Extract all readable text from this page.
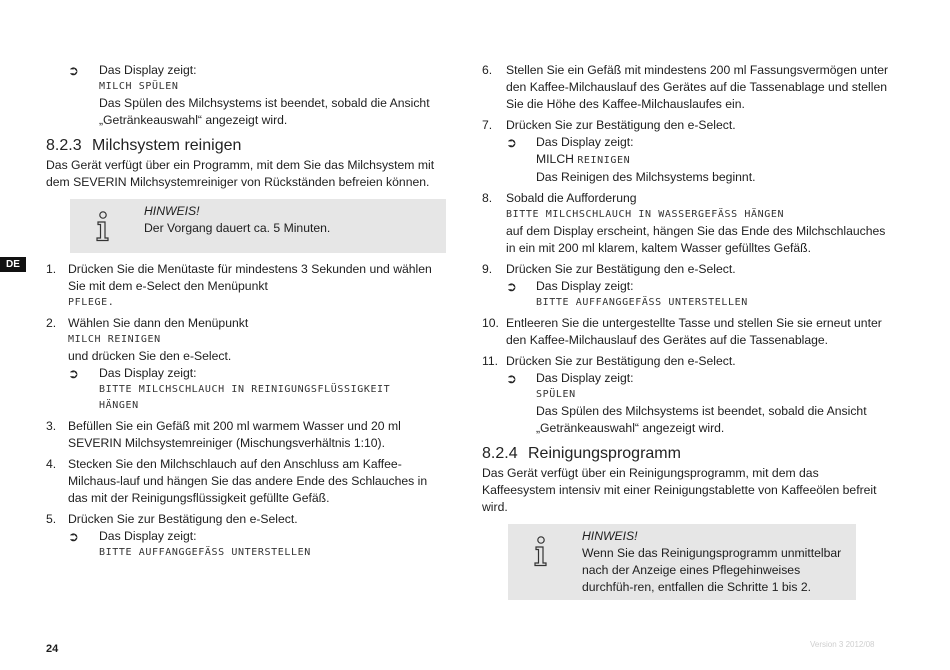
DE
➲ Das Display zeigt:
MILCH SPÜLEN
Das Spülen des Milchsystems ist beendet, sobald die Ansicht „Getränkeauswahl“ angezeigt wird.
8.2.3 Milchsystem reinigen

Das Gerät verfügt über ein Programm, mit dem Sie das Milchsystem mit dem SEVERIN Milchsystemreiniger von Rückständen befreien können.

HINWEIS!
Der Vorgang dauert ca. 5 Minuten.
1. Drücken Sie die Menütaste für mindestens 3 Sekunden und wählen Sie mit dem e-Select den Menüpunkt
PFLEGE.
2. Wählen Sie dann den Menüpunkt
MILCH REINIGEN
und drücken Sie den e-Select.
➲ Das Display zeigt:
BITTE MILCHSCHLAUCH IN REINIGUNGSFLÜSSIGKEIT HÄNGEN
3. Befüllen Sie ein Gefäß mit 200 ml warmem Wasser und 20 ml SEVERIN Milchsystemreiniger (Mischungsverhältnis 1:10).
4. Stecken Sie den Milchschlauch auf den Anschluss am Kaffee-Milchaus-lauf und hängen Sie das andere Ende des Schlauches in das mit der Reinigungsflüssigkeit gefüllte Gefäß.
5. Drücken Sie zur Bestätigung den e-Select.
➲ Das Display zeigt:
BITTE AUFFANGGEFÄSS UNTERSTELLEN
6. Stellen Sie ein Gefäß mit mindestens 200 ml Fassungsvermögen unter den Kaffee-Milchauslauf des Gerätes auf die Tassenablage und stellen Sie die Höhe des Kaffee-Milchauslaufes ein.
7. Drücken Sie zur Bestätigung den e-Select.
➲ Das Display zeigt:
MILCH REINIGEN
Das Reinigen des Milchsystems beginnt.
8. Sobald die Aufforderung
BITTE MILCHSCHLAUCH IN WASSERGEFÄSS HÄNGEN
auf dem Display erscheint, hängen Sie das Ende des Milchschlauches in ein mit 200 ml klarem, kaltem Wasser gefülltes Gefäß.
9. Drücken Sie zur Bestätigung den e-Select.
➲ Das Display zeigt:
BITTE AUFFANGGEFÄSS UNTERSTELLEN
10. Entleeren Sie die untergestellte Tasse und stellen Sie sie erneut unter den Kaffee-Milchauslauf des Gerätes auf die Tassenablage.
11. Drücken Sie zur Bestätigung den e-Select.
➲ Das Display zeigt:
SPÜLEN
Das Spülen des Milchsystems ist beendet, sobald die Ansicht „Getränkeauswahl“ angezeigt wird.
8.2.4 Reinigungsprogramm

Das Gerät verfügt über ein Reinigungsprogramm, mit dem das Kaffeesystem intensiv mit einer Reinigungstablette von Kaffeeölen befreit wird.

HINWEIS!
Wenn Sie das Reinigungsprogramm unmittelbar nach der Anzeige eines Pflegehinweises durchfüh-ren, entfallen die Schritte 1 bis 2.
24	Version 3 2012/08
